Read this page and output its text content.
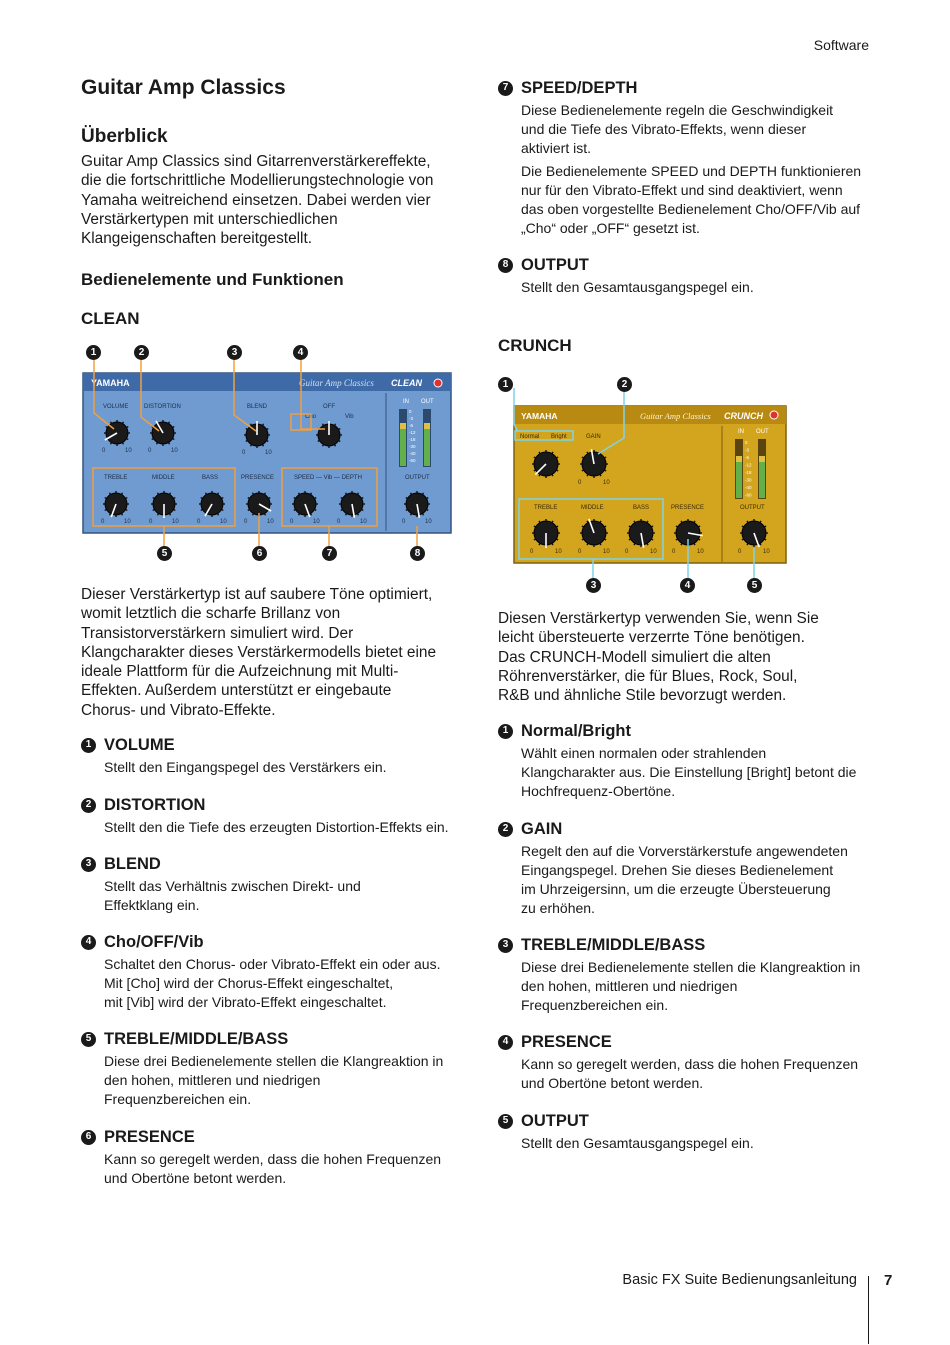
Software
Guitar Amp Classics
Überblick
Guitar Amp Classics sind Gitarrenverstärkereffekte,
die die fortschrittliche Modellierungstechnologie von
Yamaha weitreichend einsetzen. Dabei werden vier
Verstärkertypen mit unterschiedlichen
Klangeigenschaften bereitgestellt.
Bedienelemente und Funktionen
CLEAN
YAMAHA	Guitar Amp Classics CLEAN
IN OUT
0
-3
-6
-12
-18
-30
-40
-60
VOLUME	DISTORTION	BLEND	OFF
Cho	Vib
TREBLE	MIDDLE	BASS	PRESENCE	SPEED — Vib — DEPTH	OUTPUT
0	10	0	10	0	10
0	10	0	10	0	10	0	10	0	10	0	10	0	10
1	2	3	4
5	6	7	8
Dieser Verstärkertyp ist auf saubere Töne optimiert,
womit letztlich die scharfe Brillanz von
Transistorverstärkern simuliert wird. Der
Klangcharakter dieses Verstärkermodells bietet eine
ideale Plattform für die Aufzeichnung mit Multi-
Effekten. Außerdem unterstützt er eingebaute
Chorus- und Vibrato-Effekte.
1 VOLUME
Stellt den Eingangspegel des Verstärkers ein.
2 DISTORTION
Stellt den die Tiefe des erzeugten Distortion-Effekts ein.
3 BLEND
Stellt das Verhältnis zwischen Direkt- und
Effektklang ein.
4 Cho/OFF/Vib
Schaltet den Chorus- oder Vibrato-Effekt ein oder aus.
Mit [Cho] wird der Chorus-Effekt eingeschaltet,
mit [Vib] wird der Vibrato-Effekt eingeschaltet.
5 TREBLE/MIDDLE/BASS
Diese drei Bedienelemente stellen die Klangreaktion in
den hohen, mittleren und niedrigen
Frequenzbereichen ein.
6 PRESENCE
Kann so geregelt werden, dass die hohen Frequenzen
und Obertöne betont werden.
7 SPEED/DEPTH
Diese Bedienelemente regeln die Geschwindigkeit
und die Tiefe des Vibrato-Effekts, wenn dieser
aktiviert ist.
Die Bedienelemente SPEED und DEPTH funktionieren
nur für den Vibrato-Effekt und sind deaktiviert, wenn
das oben vorgestellte Bedienelement Cho/OFF/Vib auf
„Cho“ oder „OFF“ gesetzt ist.
8 OUTPUT
Stellt den Gesamtausgangspegel ein.
CRUNCH
YAMAHA	Guitar Amp Classics CRUNCH
IN OUT
0
-3
-6
-12
-18
-30
-40
-60
Normal Bright	GAIN
TREBLE	MIDDLE	BASS	PRESENCE	OUTPUT
0	10
0	10	0	10	0	10	0	10	0	10
1	2
3	4	5
Diesen Verstärkertyp verwenden Sie, wenn Sie
leicht übersteuerte verzerrte Töne benötigen.
Das CRUNCH-Modell simuliert die alten
Röhrenverstärker, die für Blues, Rock, Soul,
R&B und ähnliche Stile bevorzugt werden.
1 Normal/Bright
Wählt einen normalen oder strahlenden
Klangcharakter aus. Die Einstellung [Bright] betont die
Hochfrequenz-Obertöne.
2 GAIN
Regelt den auf die Vorverstärkerstufe angewendeten
Eingangspegel. Drehen Sie dieses Bedienelement
im Uhrzeigersinn, um die erzeugte Übersteuerung
zu erhöhen.
3 TREBLE/MIDDLE/BASS
Diese drei Bedienelemente stellen die Klangreaktion in
den hohen, mittleren und niedrigen
Frequenzbereichen ein.
4 PRESENCE
Kann so geregelt werden, dass die hohen Frequenzen
und Obertöne betont werden.
5 OUTPUT
Stellt den Gesamtausgangspegel ein.
Basic FX Suite Bedienungsanleitung 7
